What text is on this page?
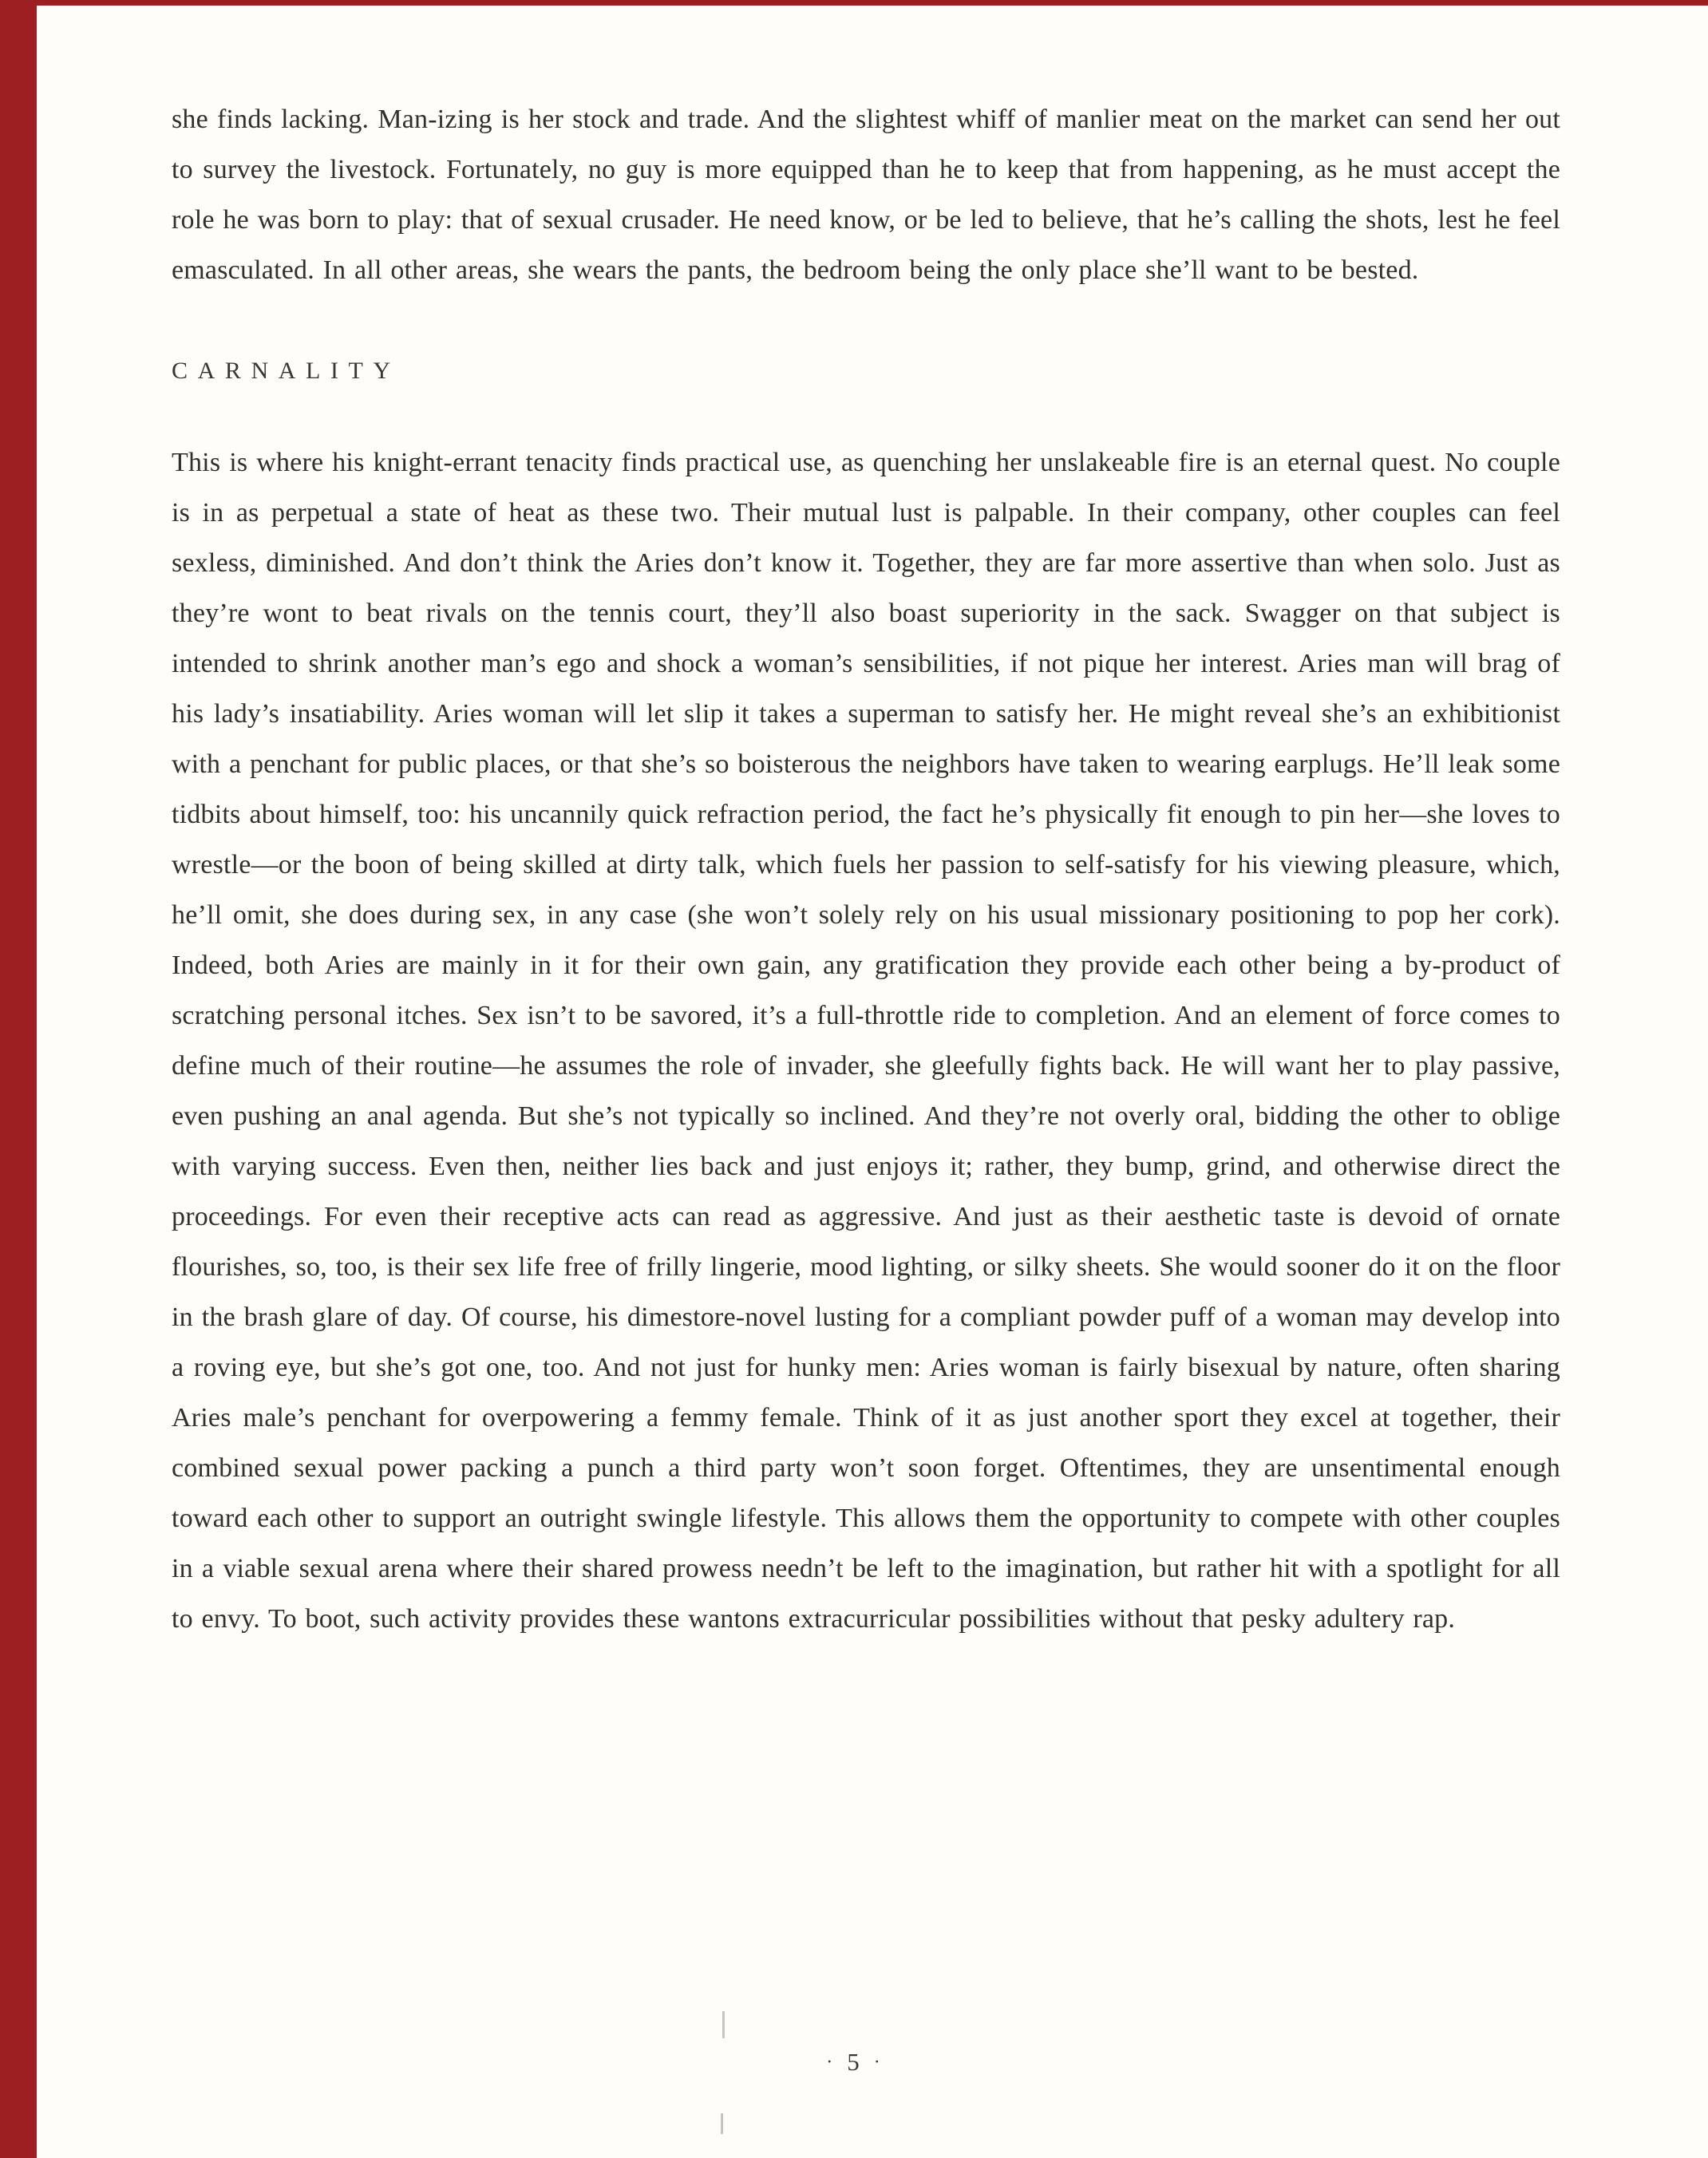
she finds lacking. Man-izing is her stock and trade. And the slightest whiff of manlier meat on the market can send her out to survey the livestock. Fortunately, no guy is more equipped than he to keep that from happening, as he must accept the role he was born to play: that of sexual crusader. He need know, or be led to believe, that he’s calling the shots, lest he feel emasculated. In all other areas, she wears the pants, the bedroom being the only place she’ll want to be bested.

CARNALITY

This is where his knight-errant tenacity finds practical use, as quenching her unslakeable fire is an eternal quest. No couple is in as perpetual a state of heat as these two. Their mutual lust is palpable. In their company, other couples can feel sexless, diminished. And don’t think the Aries don’t know it. Together, they are far more assertive than when solo. Just as they’re wont to beat rivals on the tennis court, they’ll also boast superiority in the sack. Swagger on that subject is intended to shrink another man’s ego and shock a woman’s sensibilities, if not pique her interest. Aries man will brag of his lady’s insatiability. Aries woman will let slip it takes a superman to satisfy her. He might reveal she’s an exhibitionist with a penchant for public places, or that she’s so boisterous the neighbors have taken to wearing earplugs. He’ll leak some tidbits about himself, too: his uncannily quick refraction period, the fact he’s physically fit enough to pin her—she loves to wrestle—or the boon of being skilled at dirty talk, which fuels her passion to self-satisfy for his viewing pleasure, which, he’ll omit, she does during sex, in any case (she won’t solely rely on his usual missionary positioning to pop her cork). Indeed, both Aries are mainly in it for their own gain, any gratification they provide each other being a by-product of scratching personal itches. Sex isn’t to be savored, it’s a full-throttle ride to completion. And an element of force comes to define much of their routine—he assumes the role of invader, she gleefully fights back. He will want her to play passive, even pushing an anal agenda. But she’s not typically so inclined. And they’re not overly oral, bidding the other to oblige with varying success. Even then, neither lies back and just enjoys it; rather, they bump, grind, and otherwise direct the proceedings. For even their receptive acts can read as aggressive. And just as their aesthetic taste is devoid of ornate flourishes, so, too, is their sex life free of frilly lingerie, mood lighting, or silky sheets. She would sooner do it on the floor in the brash glare of day. Of course, his dimestore-novel lusting for a compliant powder puff of a woman may develop into a roving eye, but she’s got one, too. And not just for hunky men: Aries woman is fairly bisexual by nature, often sharing Aries male’s penchant for overpowering a femmy female. Think of it as just another sport they excel at together, their combined sexual power packing a punch a third party won’t soon forget. Oftentimes, they are unsentimental enough toward each other to support an outright swingle lifestyle. This allows them the opportunity to compete with other couples in a viable sexual arena where their shared prowess needn’t be left to the imagination, but rather hit with a spotlight for all to envy. To boot, such activity provides these wantons extracurricular possibilities without that pesky adultery rap.

· 5 ·
